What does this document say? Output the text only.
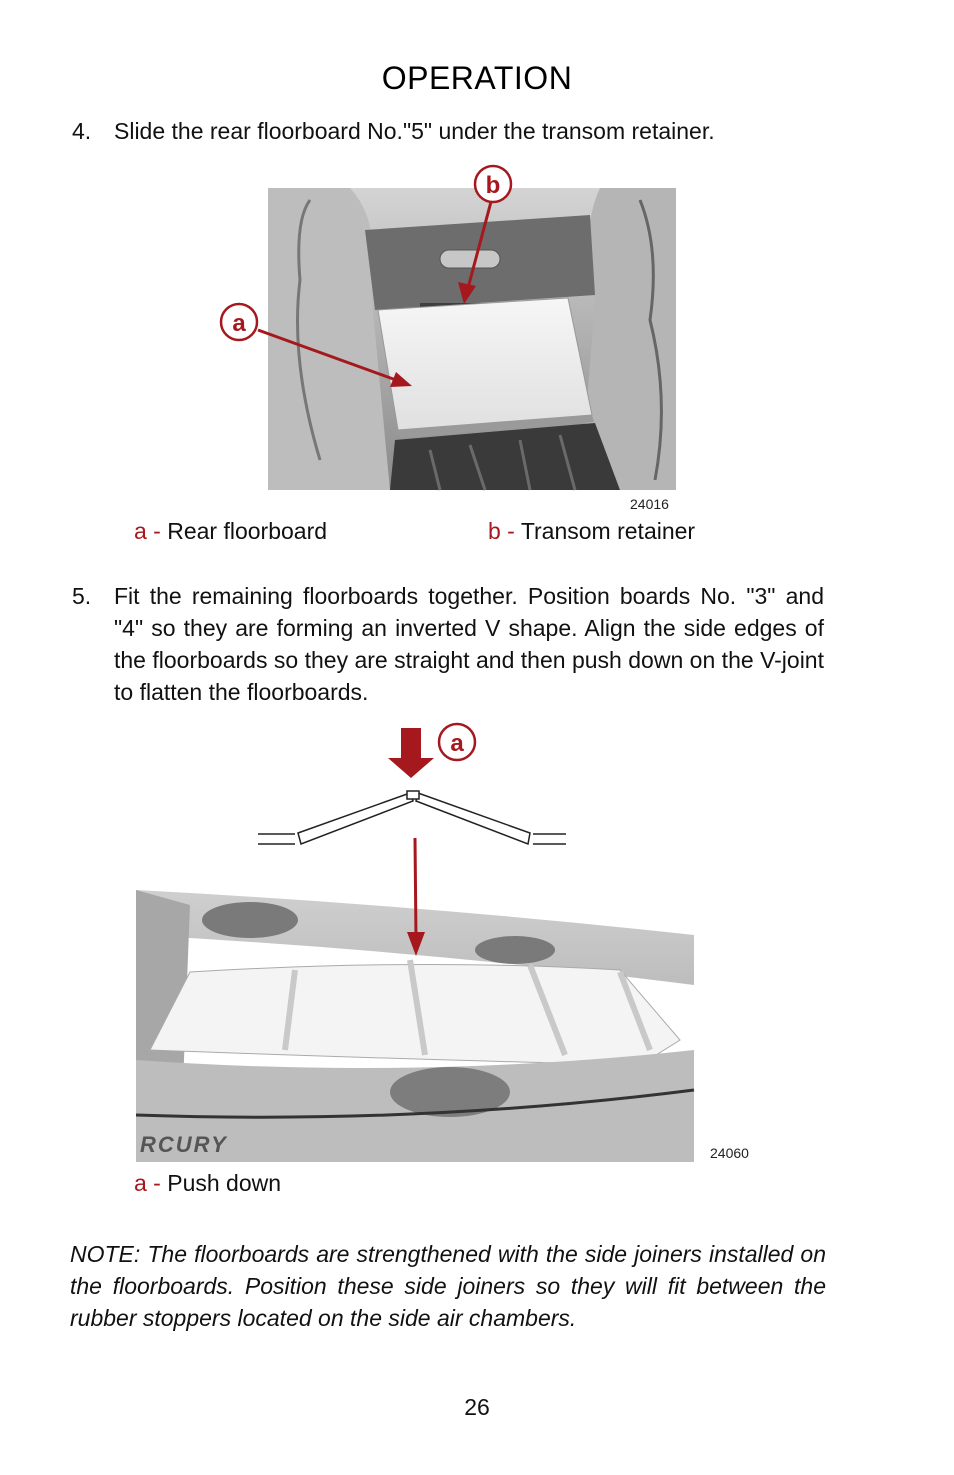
OPERATION
4. Slide the rear floorboard No."5" under the transom retainer.
a
b
24016
a - Rear floorboard	b - Transom retainer
5. Fit the remaining floorboards together. Position boards No. "3" and "4" so they are forming an inverted V shape. Align the side edges of the floorboards so they are straight and then push down on the V-joint to flatten the floorboards.
a
RCURY	24060
a - Push down
NOTE: The floorboards are strengthened with the side joiners installed on the floorboards. Position these side joiners so they will fit between the rubber stoppers located on the side air chambers.
26
